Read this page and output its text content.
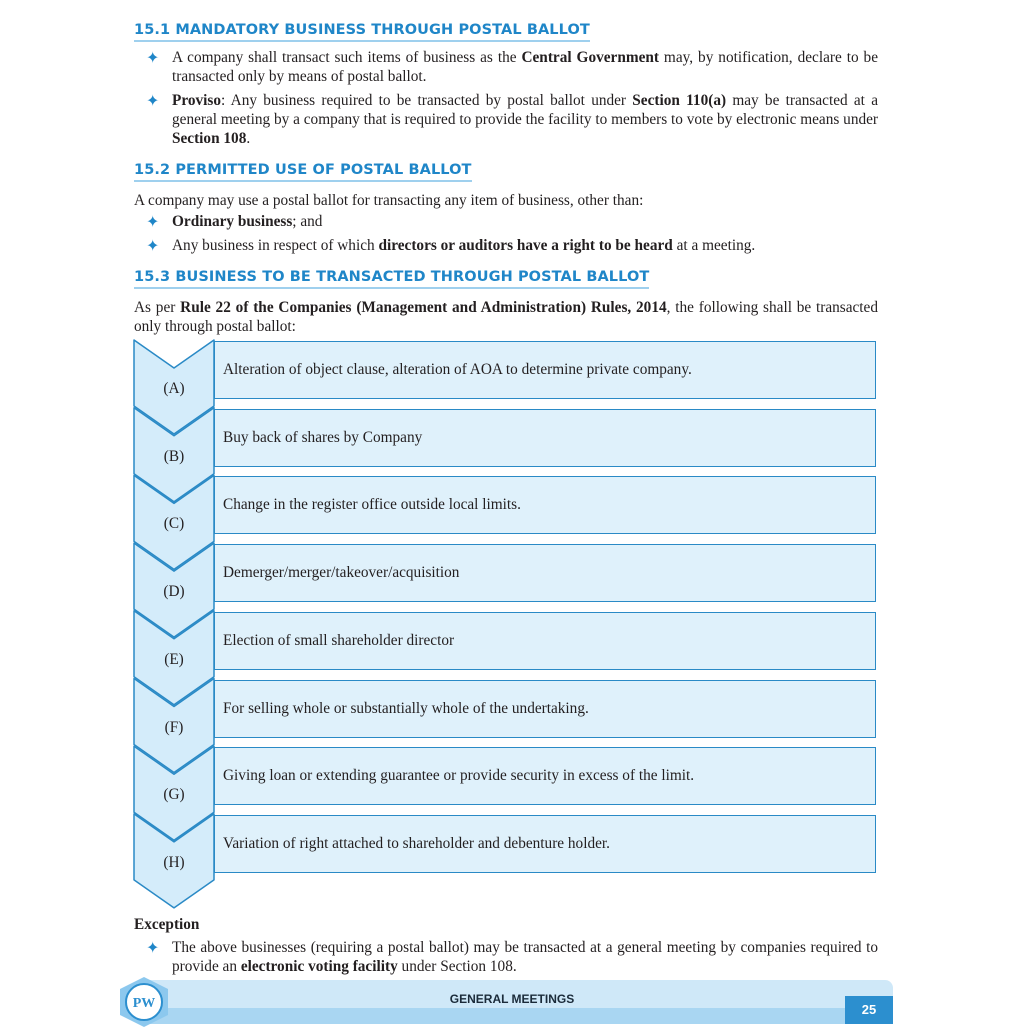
15.1 MANDATORY BUSINESS THROUGH POSTAL BALLOT
✦ A company shall transact such items of business as the Central Government may, by notification, declare to be transacted only by means of postal ballot.
✦ Proviso: Any business required to be transacted by postal ballot under Section 110(a) may be transacted at a general meeting by a company that is required to provide the facility to members to vote by electronic means under Section 108.
15.2 PERMITTED USE OF POSTAL BALLOT
A company may use a postal ballot for transacting any item of business, other than:
✦ Ordinary business; and
✦ Any business in respect of which directors or auditors have a right to be heard at a meeting.
15.3 BUSINESS TO BE TRANSACTED THROUGH POSTAL BALLOT
As per Rule 22 of the Companies (Management and Administration) Rules, 2014, the following shall be transacted only through postal ballot:
Alteration of object clause, alteration of AOA to determine private company.
(A)
Buy back of shares by Company
(B)
Change in the register office outside local limits.
(C)
Demerger/merger/takeover/acquisition
(D)
Election of small shareholder director
(E)
For selling whole or substantially whole of the undertaking.
(F)
Giving loan or extending guarantee or provide security in excess of the limit.
(G)
Variation of right attached to shareholder and debenture holder.
(H)
Exception
✦ The above businesses (requiring a postal ballot) may be transacted at a general meeting by companies required to provide an electronic voting facility under Section 108.
GENERAL MEETINGS
25
PW
